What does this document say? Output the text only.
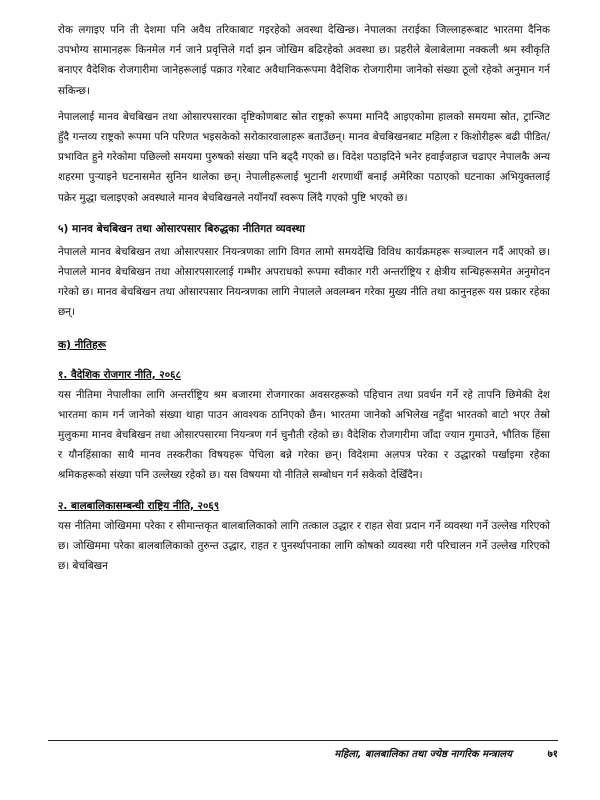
रोक लगाइए पनि ती देशमा पनि अवैध तरिकाबाट गइरहेको अवस्था देखिन्छ। नेपालका तराईका जिल्लाहरूबाट भारतमा दैनिक उपभोग्य सामानहरू किनमेल गर्न जाने प्रवृत्तिले गर्दा झन जोखिम बढिरहेको अवस्था छ। प्रहरीले बेलाबेलामा नक्कली श्रम स्वीकृति बनाएर वैदेशिक रोजगारीमा जानेहरूलाई पक्राउ गरेबाट अवैधानिकरूपमा वैदेशिक रोजगारीमा जानेको संख्या ठूलो रहेको अनुमान गर्न सकिन्छ।

नेपाललाई मानव बेचबिखन तथा ओसारपसारका दृष्टिकोणबाट स्रोत राष्ट्रको रूपमा मानिदै आइएकोमा हालको समयमा स्रोत, ट्रान्जिट हुँदै गन्तव्य राष्ट्रको रूपमा पनि परिणत भइसकेको सरोकारवालाहरू बताउँछन्। मानव बेचबिखनबाट महिला र किशोरीहरू बढी पीडित/प्रभावित हुने गरेकोमा पछिल्लो समयमा पुरुषको संख्या पनि बढ्दै गएको छ। विदेश पठाइदिने भनेर हवाईजहाज चढाएर नेपालकै अन्य शहरमा पुऱ्याइने घटनासमेत सुनिन थालेका छन्। नेपालीहरूलाई भुटानी शरणार्थी बनाई अमेरिका पठाएको घटनाका अभियुक्तलाई पक्रेर मुद्धा चलाइएको अवस्थाले मानव बेचबिखनले नयाँनयाँ स्वरूप लिंदै गएको पुष्टि भएको छ।

५) मानव बेचबिखन तथा ओसारपसार बिरुद्धका नीतिगत व्यवस्था

नेपालले मानव बेचबिखन तथा ओसारपसार नियन्त्रणका लागि विगत लामो समयदेखि विविध कार्यक्रमहरू सञ्चालन गर्दै आएको छ। नेपालले मानव बेचबिखन तथा ओसारपसारलाई गम्भीर अपराधको रूपमा स्वीकार गरी अन्तर्राष्ट्रिय र क्षेत्रीय सन्धिहरूसमेत अनुमोदन गरेको छ। मानव बेचबिखन तथा ओसारपसार नियन्त्रणका लागि नेपालले अवलम्बन गरेका मुख्य नीति तथा कानुनहरू यस प्रकार रहेका छन्।

क) नीतिहरू
१. वैदेशिक रोजगार नीति, २०६८

यस नीतिमा नेपालीका लागि अन्तर्राष्ट्रिय श्रम बजारमा रोजगारका अवसरहरूको पहिचान तथा प्रवर्धन गर्ने रहे तापनि छिमेकी देश भारतमा काम गर्न जानेको संख्या थाहा पाउन आवश्यक ठानिएको छैन। भारतमा जानेको अभिलेख नहुँदा भारतको बाटो भएर तेस्रो मुलुकमा मानव बेचबिखन तथा ओसारपसारमा नियन्त्रण गर्न चुनौती रहेको छ। वैदेशिक रोजगारीमा जाँदा ज्यान गुमाउने, भौतिक हिंसा र यौनहिंसाका साथै मानव तस्करीका विषयहरू पेचिला बन्ने गरेका छन्। विदेशमा अलपत्र परेका र उद्धारको पर्खाइमा रहेका श्रमिकहरूको संख्या पनि उल्लेख्य रहेको छ। यस विषयमा यो नीतिले सम्बोधन गर्न सकेको देखिँदैन।

२. बालबालिकासम्बन्धी राष्ट्रिय नीति, २०६९

यस नीतिमा जोखिममा परेका र सीमान्तकृत बालबालिकाको लागि तत्काल उद्धार र राहत सेवा प्रदान गर्ने व्यवस्था गर्ने उल्लेख गरिएको छ। जोखिममा परेका बालबालिकाको तुरुन्त उद्धार, राहत र पुनर्स्थापनाका लागि कोषको व्यवस्था गरी परिचालन गर्ने उल्लेख गरिएको छ। बेचबिखन

महिला, बालबालिका तथा ज्येष्ठ नागरिक मन्त्रालय	७१
